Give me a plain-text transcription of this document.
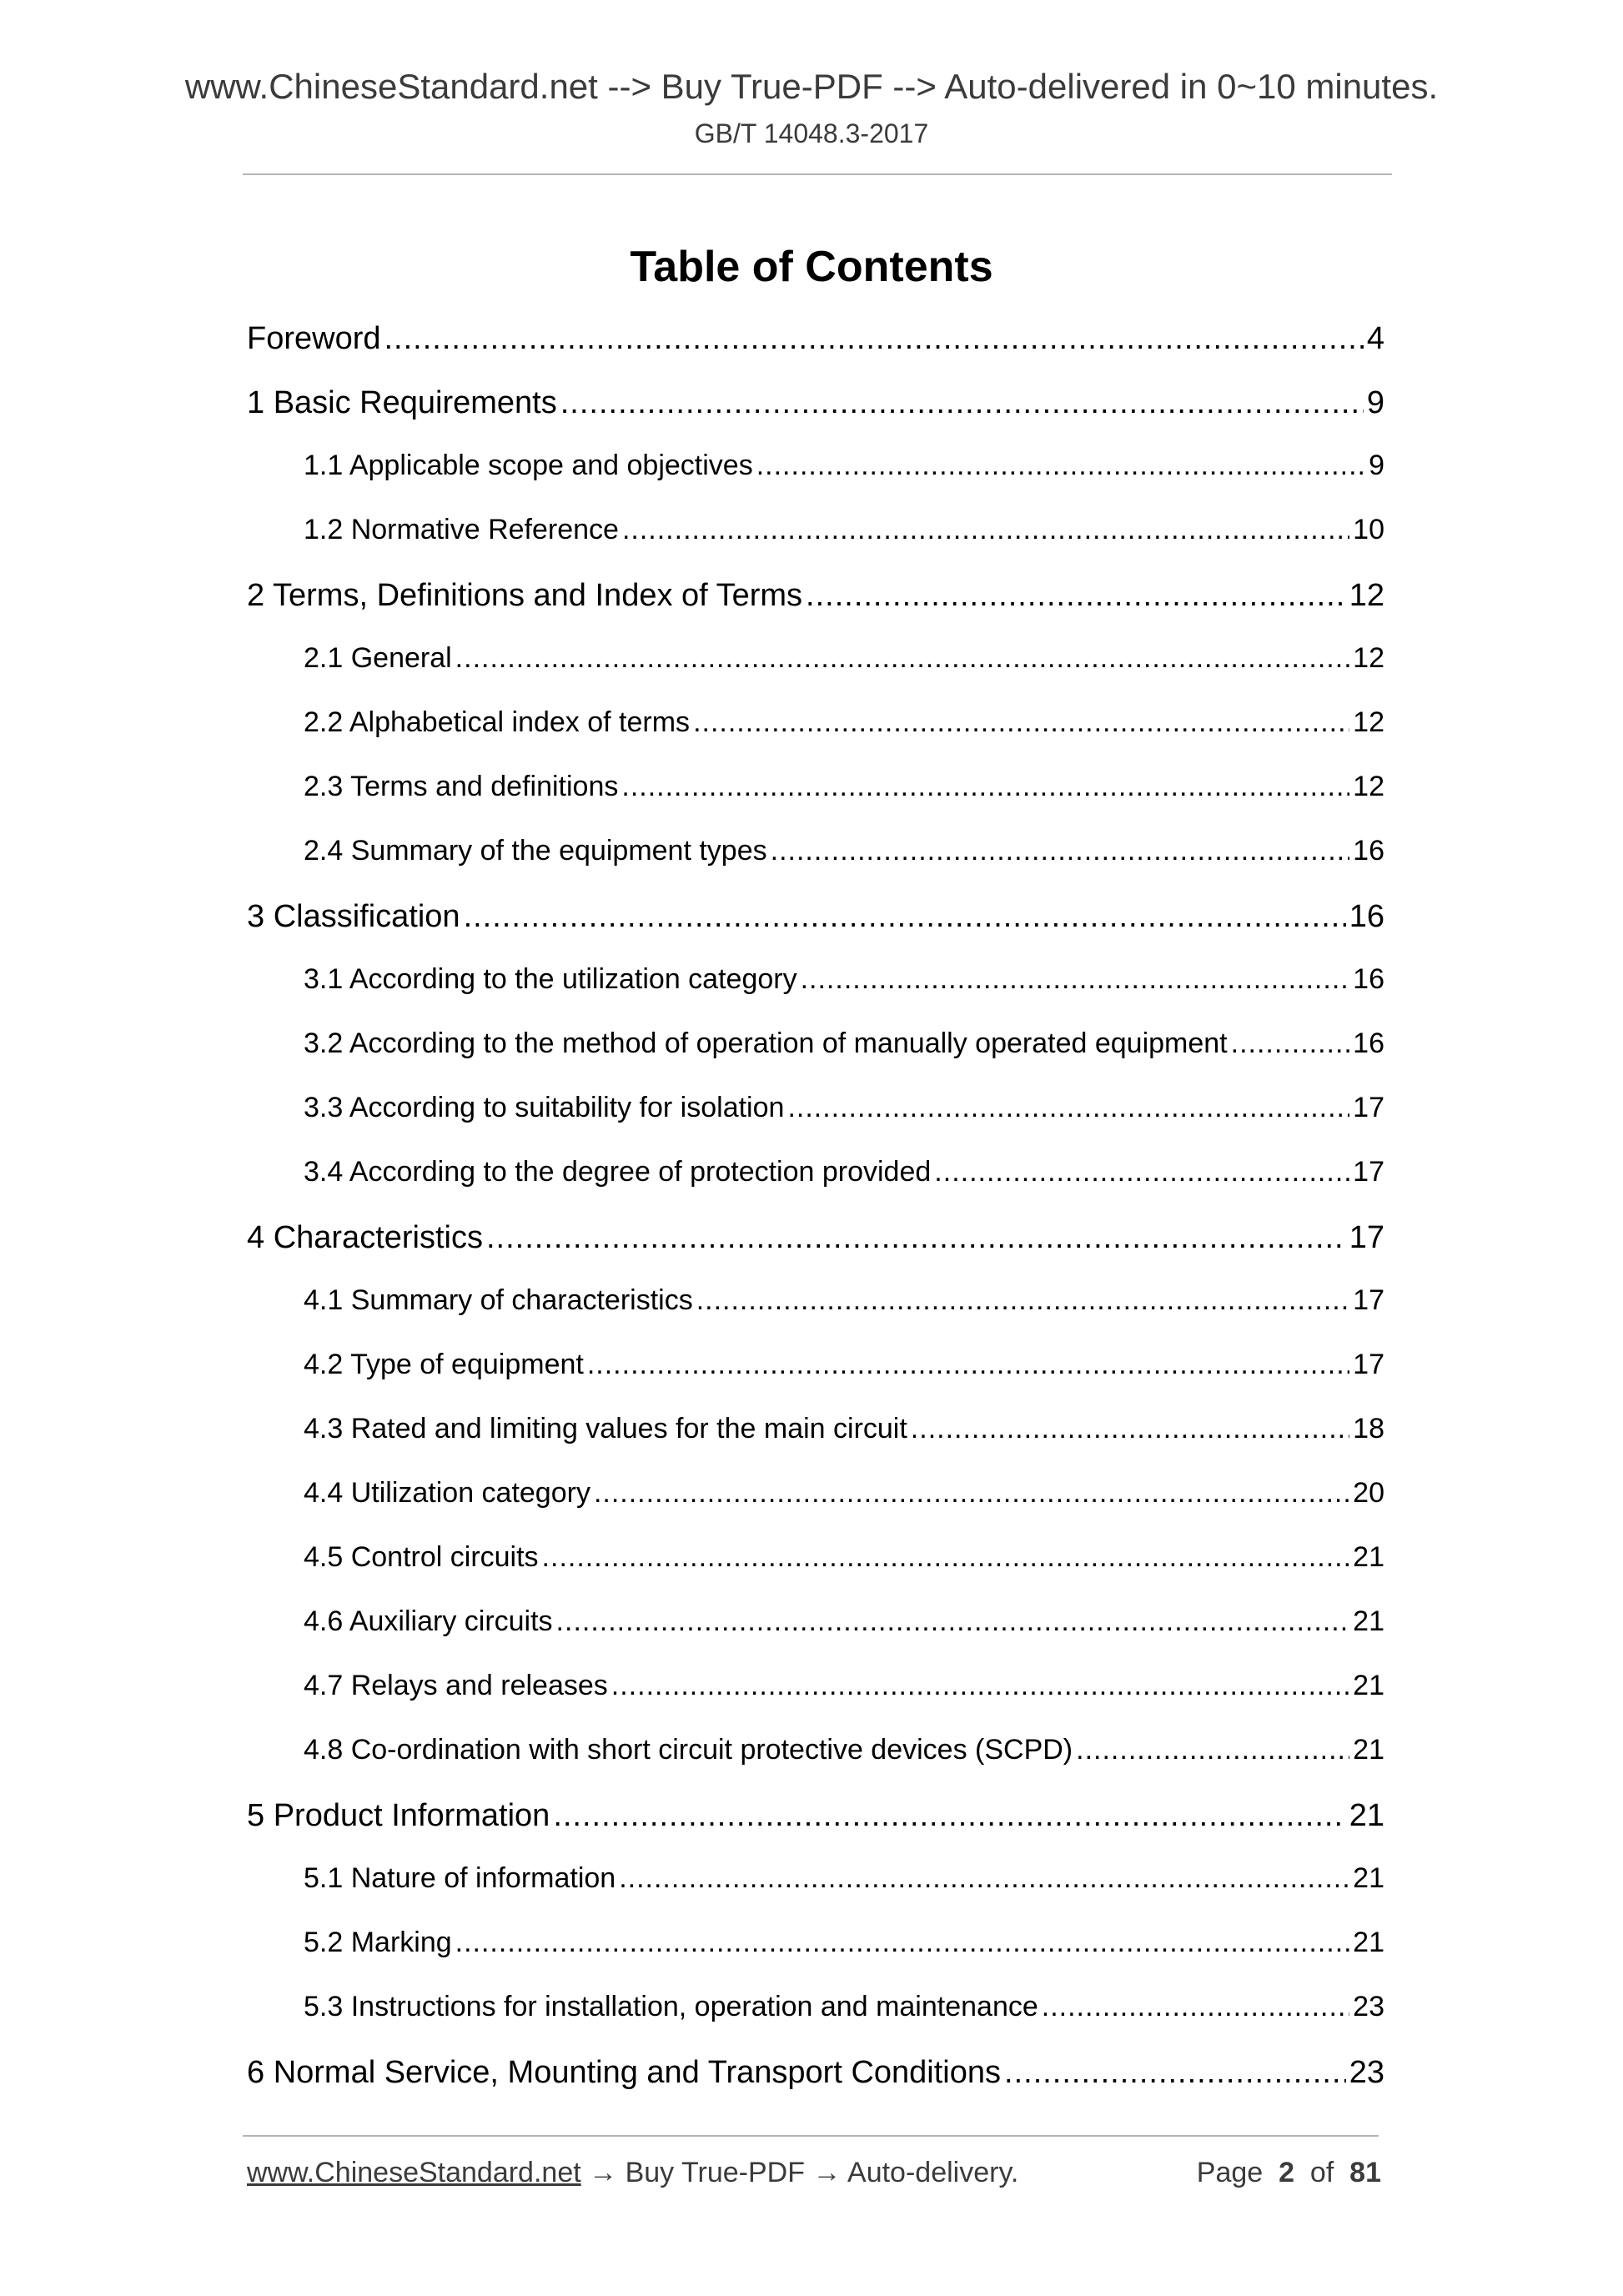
www.ChineseStandard.net --> Buy True-PDF --> Auto-delivered in 0~10 minutes.
GB/T 14048.3-2017
Table of Contents
Foreword .....	4
1 Basic Requirements .....	9
1.1 Applicable scope and objectives .....	9
1.2 Normative Reference .....	10
2 Terms, Definitions and Index of Terms .....	12
2.1 General .....	12
2.2 Alphabetical index of terms .....	12
2.3 Terms and definitions .....	12
2.4 Summary of the equipment types .....	16
3 Classification .....	16
3.1 According to the utilization category .....	16
3.2 According to the method of operation of manually operated equipment .....	16
3.3 According to suitability for isolation .....	17
3.4 According to the degree of protection provided .....	17
4 Characteristics .....	17
4.1 Summary of characteristics .....	17
4.2 Type of equipment .....	17
4.3 Rated and limiting values for the main circuit .....	18
4.4 Utilization category .....	20
4.5 Control circuits .....	21
4.6 Auxiliary circuits .....	21
4.7 Relays and releases .....	21
4.8 Co-ordination with short circuit protective devices (SCPD) .....	21
5 Product Information .....	21
5.1 Nature of information .....	21
5.2 Marking .....	21
5.3 Instructions for installation, operation and maintenance .....	23
6 Normal Service, Mounting and Transport Conditions .....	23
www.ChineseStandard.net → Buy True-PDF → Auto-delivery.	Page 2 of 81
